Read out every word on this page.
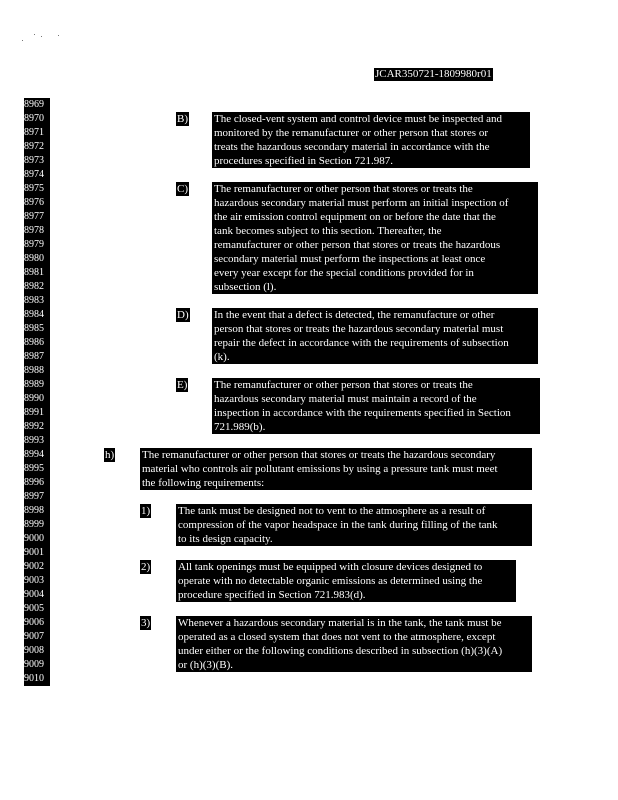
JCAR350721-1809980r01
8969
8970
8971
8972
8973
8974
8975
8976
8977
8978
8979
8980
8981
8982
8983
8984
8985
8986
8987
8988
8989
8990
8991
8992
8993
8994
8995
8996
8997
8998
8999
9000
9001
9002
9003
9004
9005
9006
9007
9008
9009
9010
B) The closed-vent system and control device must be inspected and
monitored by the remanufacturer or other person that stores or
treats the hazardous secondary material in accordance with the
procedures specified in Section 721.987.
C) The remanufacturer or other person that stores or treats the
hazardous secondary material must perform an initial inspection of
the air emission control equipment on or before the date that the
tank becomes subject to this section. Thereafter, the
remanufacturer or other person that stores or treats the hazardous
secondary material must perform the inspections at least once
every year except for the special conditions provided for in
subsection (l).
D) In the event that a defect is detected, the remanufacture or other
person that stores or treats the hazardous secondary material must
repair the defect in accordance with the requirements of subsection
(k).
E) The remanufacturer or other person that stores or treats the
hazardous secondary material must maintain a record of the
inspection in accordance with the requirements specified in Section
721.989(b).
h)	The remanufacturer or other person that stores or treats the hazardous secondary
material who controls air pollutant emissions by using a pressure tank must meet
the following requirements:
1)	The tank must be designed not to vent to the atmosphere as a result of
compression of the vapor headspace in the tank during filling of the tank
to its design capacity.
2)	All tank openings must be equipped with closure devices designed to
operate with no detectable organic emissions as determined using the
procedure specified in Section 721.983(d).
3)	Whenever a hazardous secondary material is in the tank, the tank must be
operated as a closed system that does not vent to the atmosphere, except
under either or the following conditions described in subsection (h)(3)(A)
or (h)(3)(B).
